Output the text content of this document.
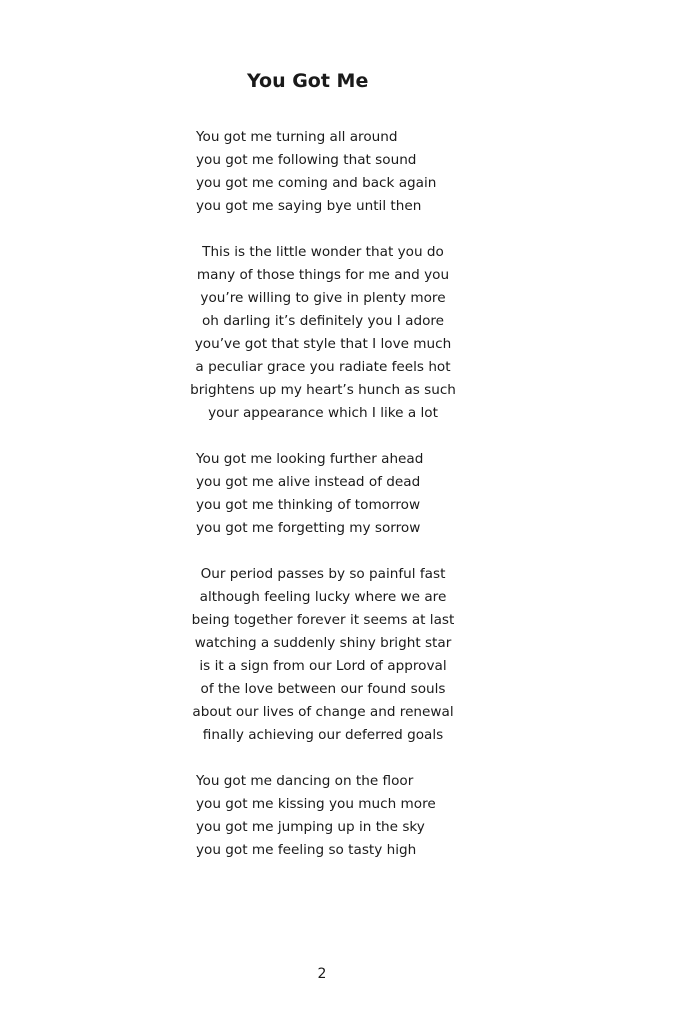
You Got Me
You got me turning all around
you got me following that sound
you got me coming and back again
you got me saying bye until then
This is the little wonder that you do
many of those things for me and you
you’re willing to give in plenty more
oh darling it’s definitely you I adore
you’ve got that style that I love much
a peculiar grace you radiate feels hot
brightens up my heart’s hunch as such
your appearance which I like a lot
You got me looking further ahead
you got me alive instead of dead
you got me thinking of tomorrow
you got me forgetting my sorrow
Our period passes by so painful fast
although feeling lucky where we are
being together forever it seems at last
watching a suddenly shiny bright star
is it a sign from our Lord of approval
of the love between our found souls
about our lives of change and renewal
finally achieving our deferred goals
You got me dancing on the floor
you got me kissing you much more
you got me jumping up in the sky
you got me feeling so tasty high
2
